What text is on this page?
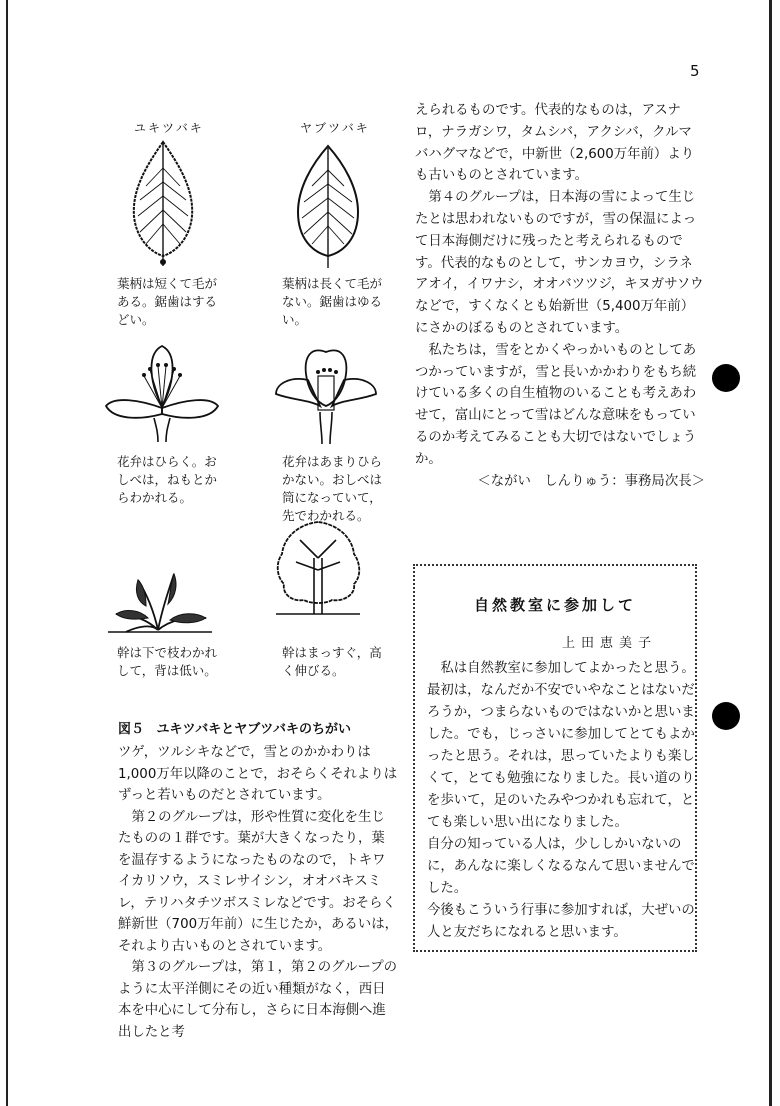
5
ユキツバキ	ヤブツバキ
葉柄は短くて毛が
ある。鋸歯はする
どい。
葉柄は長くて毛が
ない。鋸歯はゆる
い。
花弁はひらく。お
しべは，ねもとか
らわかれる。
花弁はあまりひら
かない。おしべは
筒になっていて，
先でわかれる。
幹は下で枝わかれ
して，背は低い。
幹はまっすぐ，高
く伸びる。
図５ ユキツバキとヤブツバキのちがい

ツゲ，ツルシキなどで，雪とのかかわりは1,000万年以降のことで，おそらくそれよりはずっと若いものだとされています。

第２のグループは，形や性質に変化を生じたものの１群です。葉が大きくなったり，葉を温存するようになったものなので，トキワイカリソウ，スミレサイシン，オオバキスミレ，テリハタチツボスミレなどです。おそらく鮮新世（700万年前）に生じたか，あるいは，それより古いものとされています。

第３のグループは，第１，第２のグループのように太平洋側にその近い種類がなく，西日本を中心にして分布し，さらに日本海側へ進出したと考

えられるものです。代表的なものは，アスナロ，ナラガシワ，タムシバ，アクシバ，クルマバハグマなどで，中新世（2,600万年前）よりも古いものとされています。

第４のグループは，日本海の雪によって生じたとは思われないものですが，雪の保温によって日本海側だけに残ったと考えられるものです。代表的なものとして，サンカヨウ，シラネアオイ，イワナシ，オオバツツジ，キヌガサソウなどで，すくなくとも始新世（5,400万年前）にさかのぼるものとされています。

私たちは，雪をとかくやっかいものとしてあつかっていますが，雪と長いかかわりをもち続けている多くの自生植物のいることも考えあわせて，富山にとって雪はどんな意味をもっているのか考えてみることも大切ではないでしょうか。

＜ながい　しんりゅう：事務局次長＞

自然教室に参加して
上田恵美子

私は自然教室に参加してよかったと思う。

最初は，なんだか不安でいやなことはないだろうか，つまらないものではないかと思いました。でも，じっさいに参加してとてもよかったと思う。それは，思っていたよりも楽しくて，とても勉強になりました。長い道のりを歩いて，足のいたみやつかれも忘れて，とても楽しい思い出になりました。

自分の知っている人は，少ししかいないのに，あんなに楽しくなるなんて思いませんでした。

今後もこういう行事に参加すれば，大ぜいの人と友だちになれると思います。
